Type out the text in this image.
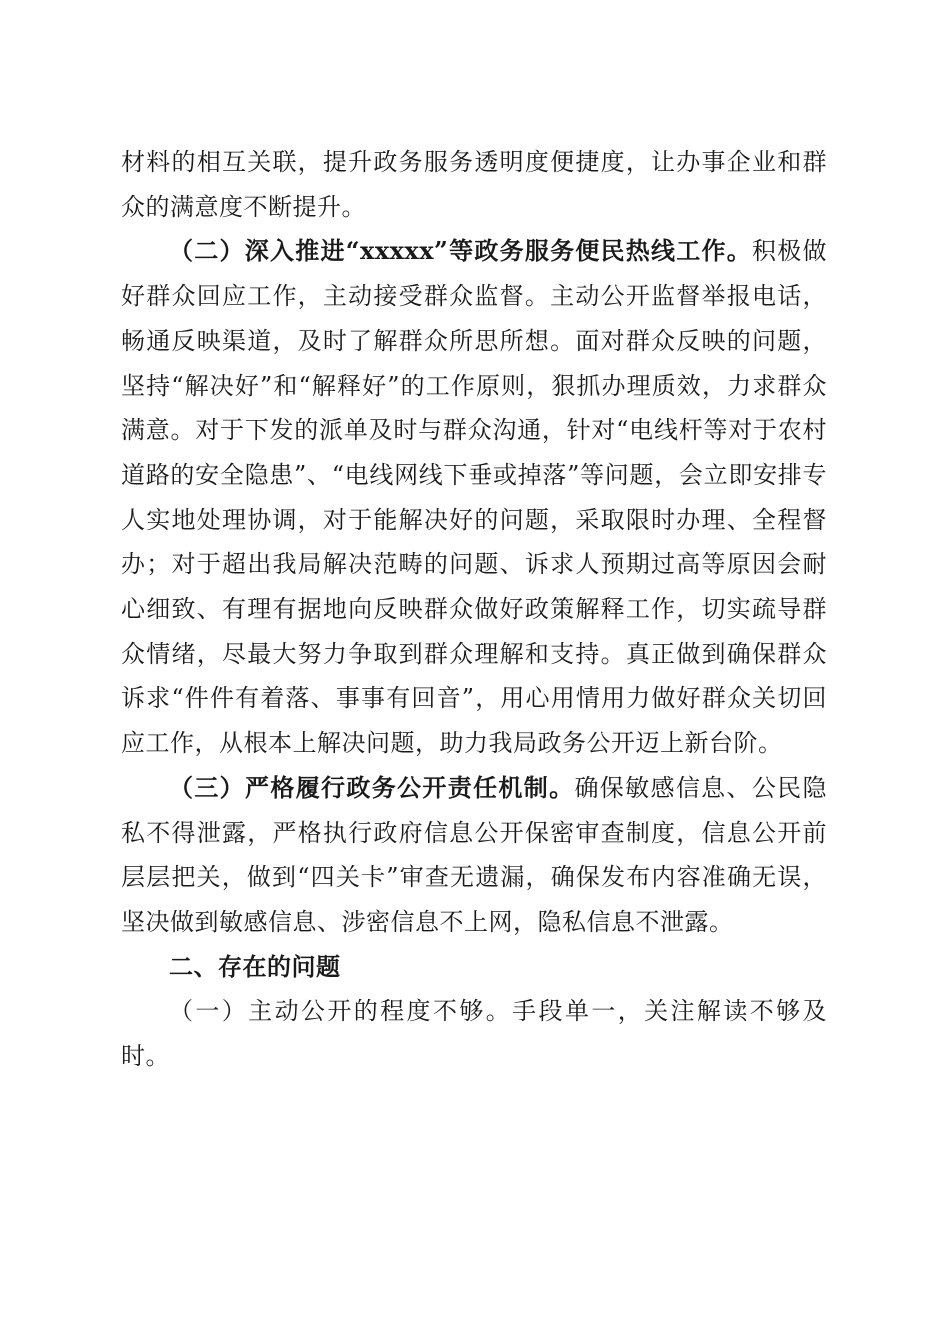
材料的相互关联，提升政务服务透明度便捷度，让办事企业和群众的满意度不断提升。

（二）深入推进“xxxxx”等政务服务便民热线工作。积极做好群众回应工作，主动接受群众监督。主动公开监督举报电话，畅通反映渠道，及时了解群众所思所想。面对群众反映的问题，坚持“解决好”和“解释好”的工作原则，狠抓办理质效，力求群众满意。对于下发的派单及时与群众沟通，针对“电线杆等对于农村道路的安全隐患”、“电线网线下垂或掉落”等问题，会立即安排专人实地处理协调，对于能解决好的问题，采取限时办理、全程督办；对于超出我局解决范畴的问题、诉求人预期过高等原因会耐心细致、有理有据地向反映群众做好政策解释工作，切实疏导群众情绪，尽最大努力争取到群众理解和支持。真正做到确保群众诉求“件件有着落、事事有回音”，用心用情用力做好群众关切回应工作，从根本上解决问题，助力我局政务公开迈上新台阶。

（三）严格履行政务公开责任机制。确保敏感信息、公民隐私不得泄露，严格执行政府信息公开保密审查制度，信息公开前层层把关，做到“四关卡”审查无遗漏，确保发布内容准确无误，坚决做到敏感信息、涉密信息不上网，隐私信息不泄露。

二、存在的问题

（一）主动公开的程度不够。手段单一，关注解读不够及时。
